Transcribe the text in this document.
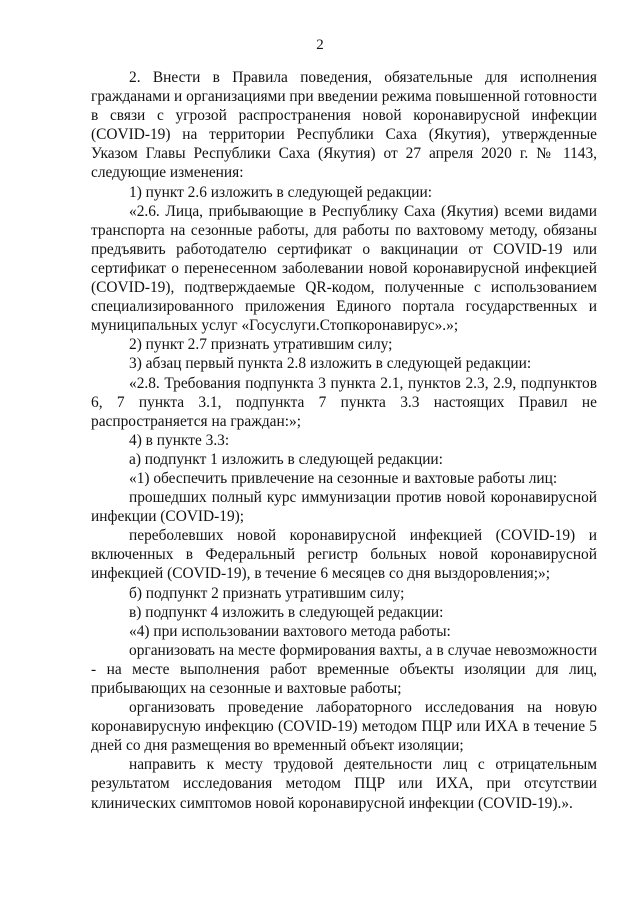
2

2. Внести в Правила поведения, обязательные для исполнения гражданами и организациями при введении режима повышенной готовности в связи с угрозой распространения новой коронавирусной инфекции (COVID-19) на территории Республики Саха (Якутия), утвержденные Указом Главы Республики Саха (Якутия) от 27 апреля 2020 г. № 1143, следующие изменения:

1) пункт 2.6 изложить в следующей редакции:

«2.6. Лица, прибывающие в Республику Саха (Якутия) всеми видами транспорта на сезонные работы, для работы по вахтовому методу, обязаны предъявить работодателю сертификат о вакцинации от COVID-19 или сертификат о перенесенном заболевании новой коронавирусной инфекцией (COVID-19), подтверждаемые QR-кодом, полученные с использованием специализированного приложения Единого портала государственных и муниципальных услуг «Госуслуги.Стопкоронавирус».»;

2) пункт 2.7 признать утратившим силу;

3) абзац первый пункта 2.8 изложить в следующей редакции:

«2.8. Требования подпункта 3 пункта 2.1, пунктов 2.3, 2.9, подпунктов 6, 7 пункта 3.1, подпункта 7 пункта 3.3 настоящих Правил не распространяется на граждан:»;

4) в пункте 3.3:

а) подпункт 1 изложить в следующей редакции:

«1) обеспечить привлечение на сезонные и вахтовые работы лиц:

прошедших полный курс иммунизации против новой коронавирусной инфекции (COVID-19);

переболевших новой коронавирусной инфекцией (COVID-19) и включенных в Федеральный регистр больных новой коронавирусной инфекцией (COVID-19), в течение 6 месяцев со дня выздоровления;»;

б) подпункт 2 признать утратившим силу;

в) подпункт 4 изложить в следующей редакции:

«4) при использовании вахтового метода работы:

организовать на месте формирования вахты, а в случае невозможности - на месте выполнения работ временные объекты изоляции для лиц, прибывающих на сезонные и вахтовые работы;

организовать проведение лабораторного исследования на новую коронавирусную инфекцию (COVID-19) методом ПЦР или ИХА в течение 5 дней со дня размещения во временный объект изоляции;

направить к месту трудовой деятельности лиц с отрицательным результатом исследования методом ПЦР или ИХА, при отсутствии клинических симптомов новой коронавирусной инфекции (COVID-19).».
